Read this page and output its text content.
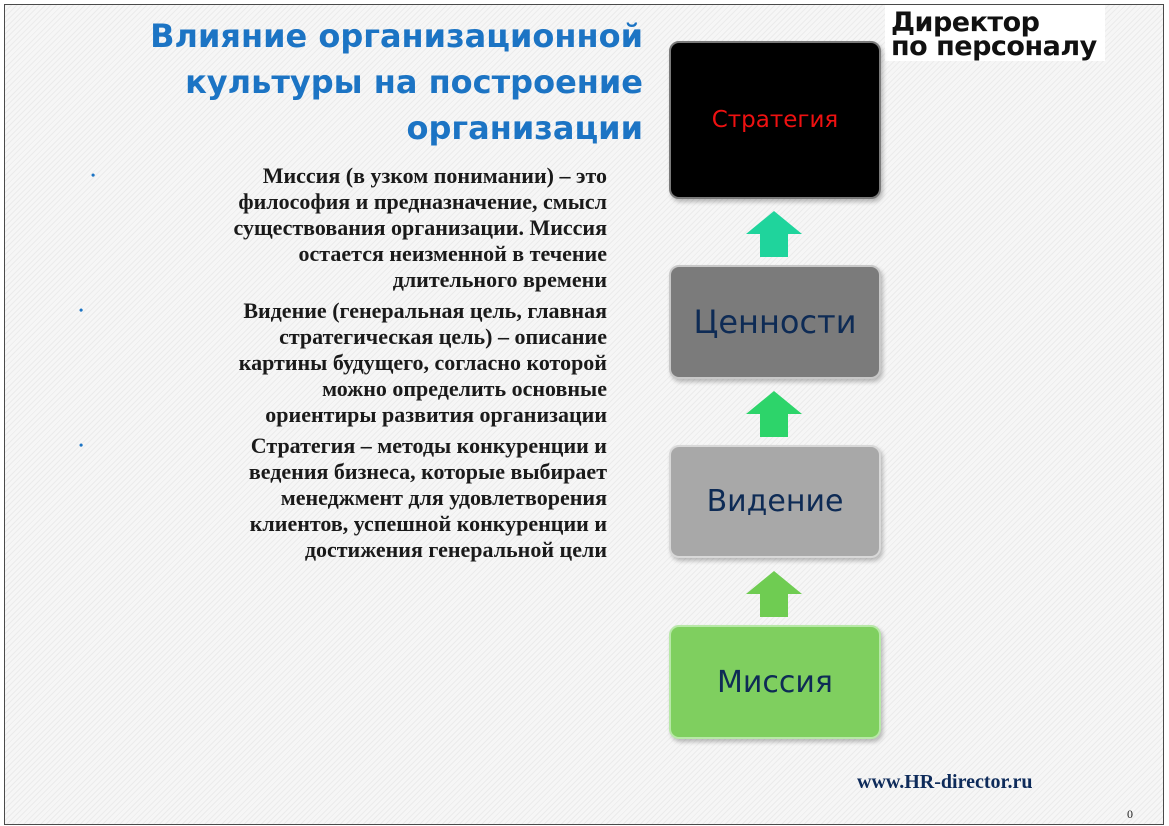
Влияние организационной
культуры на построение
организации
Директор
по персоналу
•	Миссия (в узком понимании) – это
философия и предназначение, смысл
существования организации. Миссия
остается неизменной в течение
длительного времени
•	Видение (генеральная цель, главная
стратегическая цель) – описание
картины будущего, согласно которой
можно определить основные
ориентиры развития организации
•	Стратегия – методы конкуренции и
ведения бизнеса, которые выбирает
менеджмент для удовлетворения
клиентов, успешной конкуренции и
достижения генеральной цели
Стратегия
Ценности
Видение
Миссия
www.HR-director.ru
0
